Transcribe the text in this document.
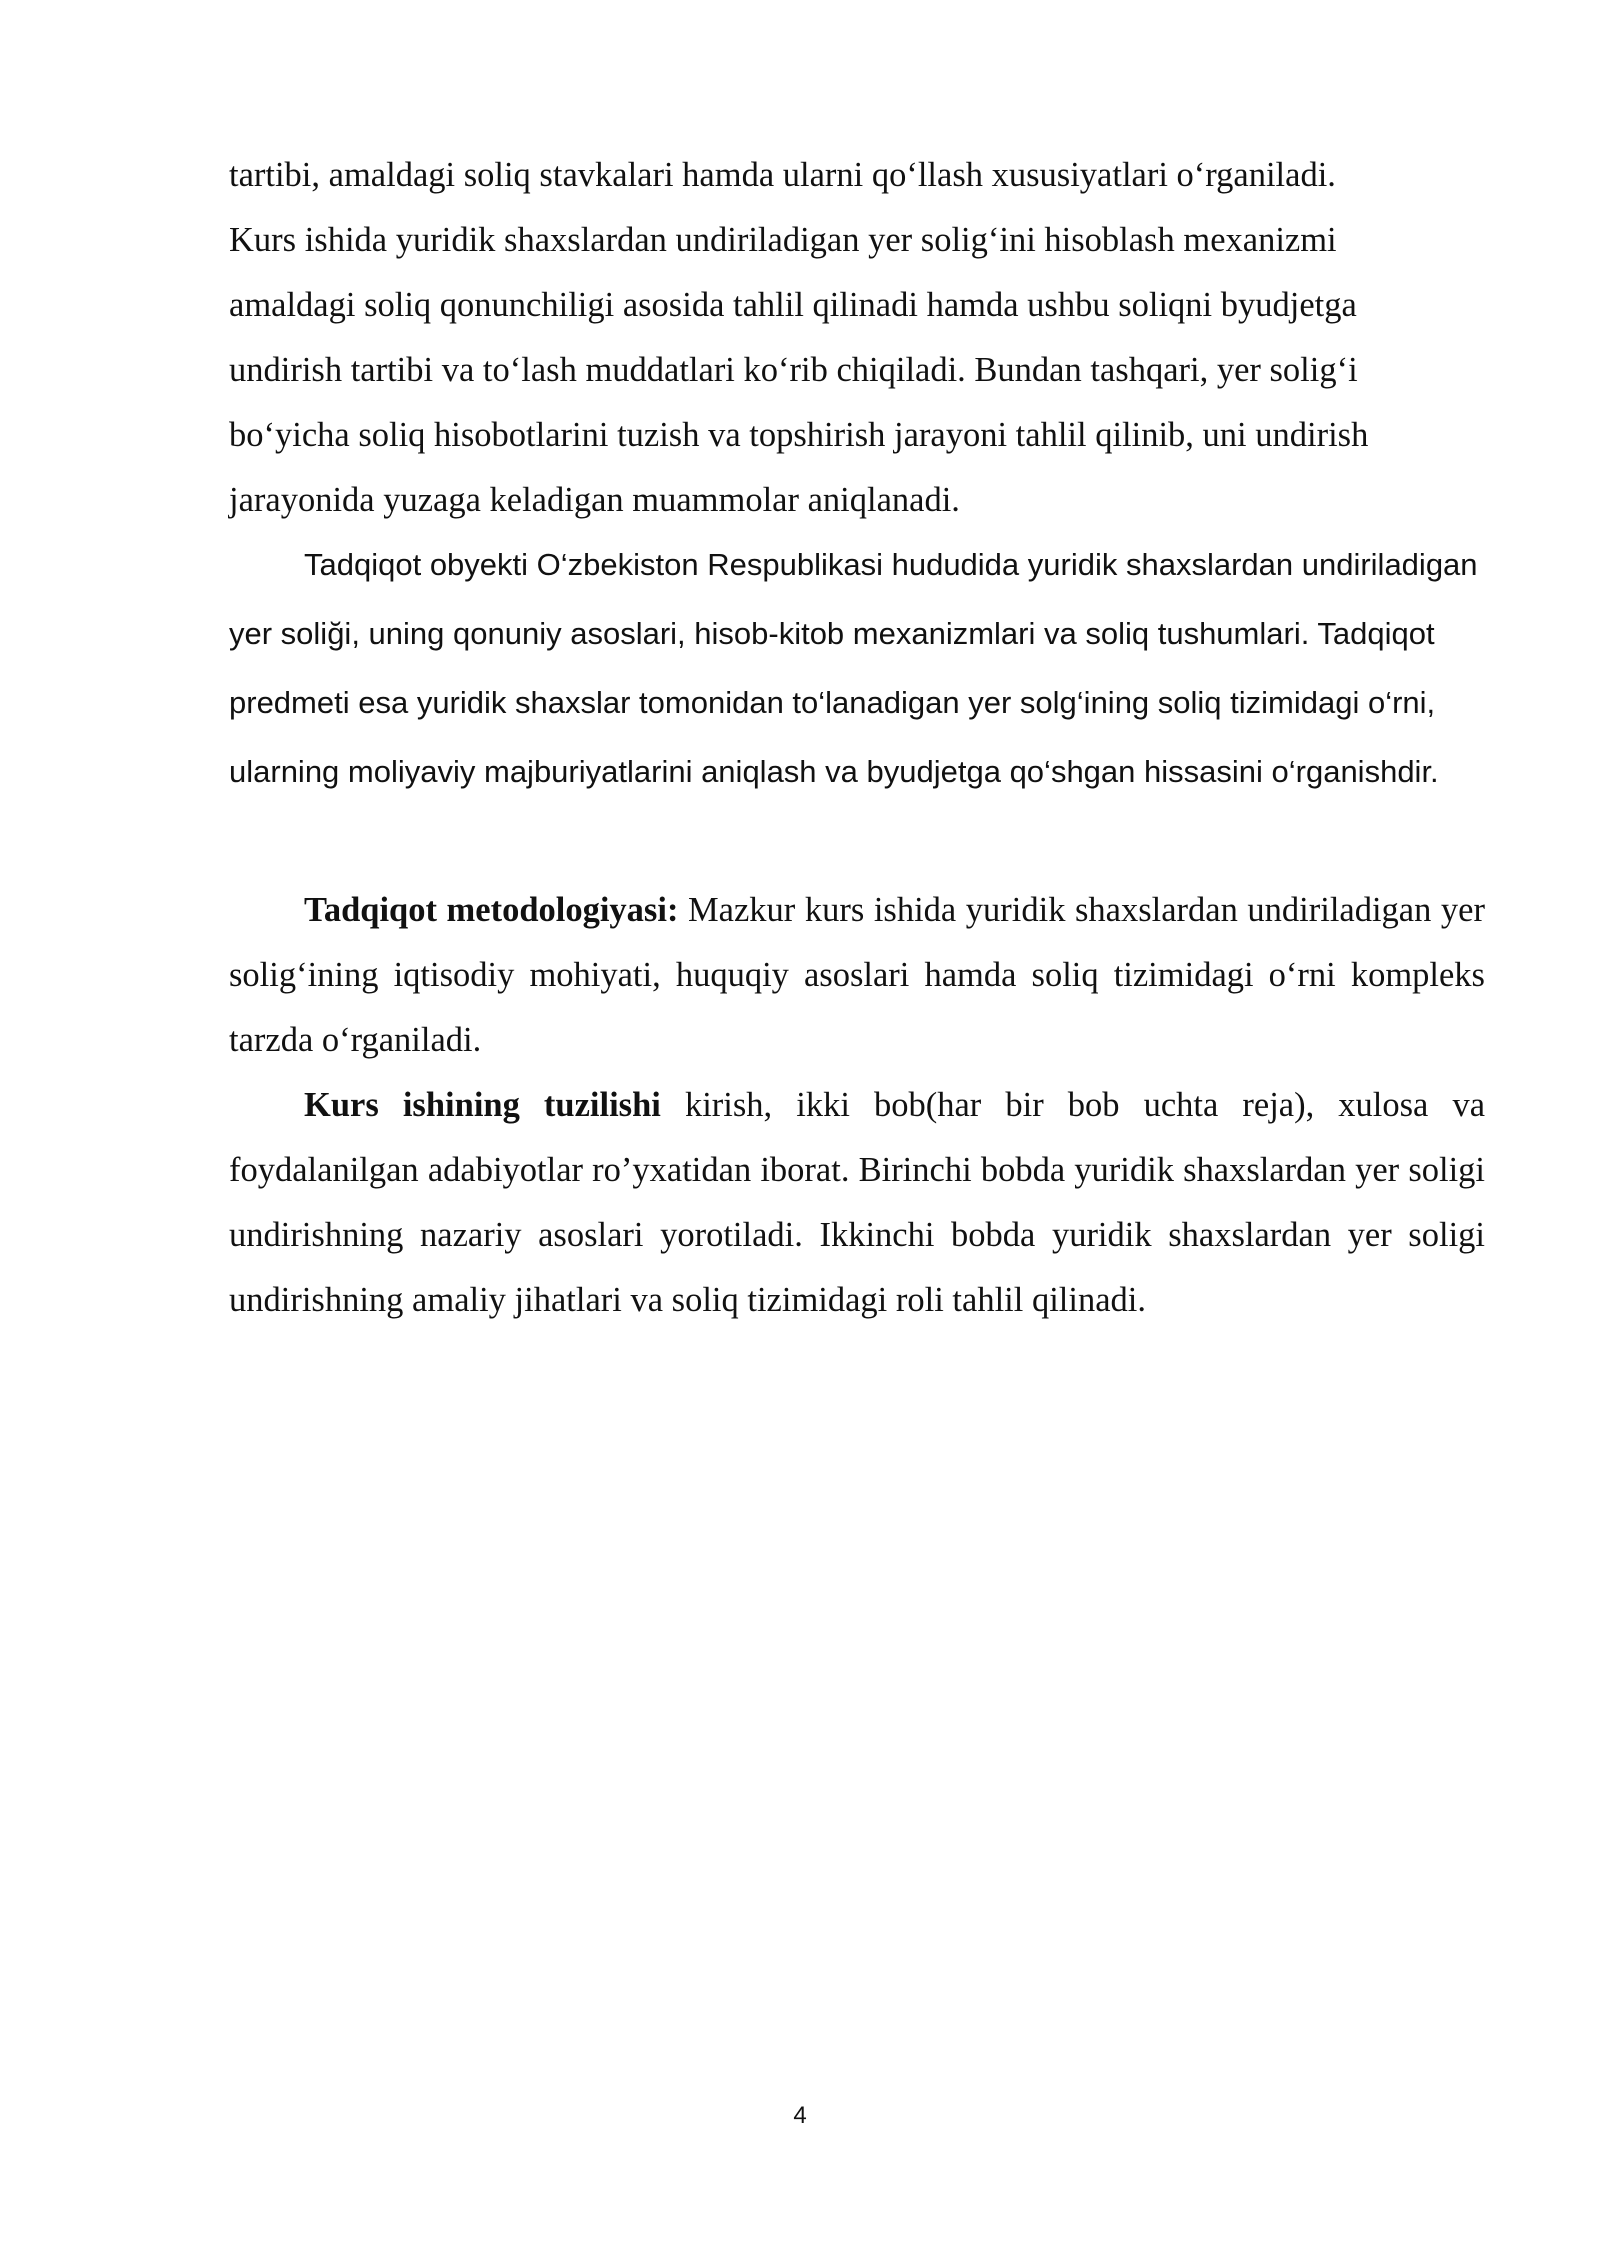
tartibi, amaldagi soliq stavkalari hamda ularni qo‘llash xususiyatlari o‘rganiladi.
Kurs ishida yuridik shaxslardan undiriladigan yer solig‘ini hisoblash mexanizmi
amaldagi soliq qonunchiligi asosida tahlil qilinadi hamda ushbu soliqni byudjetga
undirish tartibi va to‘lash muddatlari ko‘rib chiqiladi. Bundan tashqari, yer solig‘i
bo‘yicha soliq hisobotlarini tuzish va topshirish jarayoni tahlil qilinib, uni undirish
jarayonida yuzaga keladigan muammolar aniqlanadi.

Tadqiqot obyekti O‘zbekiston Respublikasi hududida yuridik shaxslardan undiriladigan yer soliği, uning qonuniy asoslari, hisob-kitob mexanizmlari va soliq tushumlari. Tadqiqot predmeti esa yuridik shaxslar tomonidan to‘lanadigan yer solg‘ining soliq tizimidagi o‘rni, ularning moliyaviy majburiyatlarini aniqlash va byudjetga qo‘shgan hissasini o‘rganishdir.

Tadqiqot metodologiyasi: Mazkur kurs ishida yuridik shaxslardan undiriladigan yer solig‘ining iqtisodiy mohiyati, huquqiy asoslari hamda soliq tizimidagi o‘rni kompleks tarzda o‘rganiladi.

Kurs ishining tuzilishi kirish, ikki bob(har bir bob uchta reja), xulosa va foydalanilgan adabiyotlar ro’yxatidan iborat. Birinchi bobda yuridik shaxslardan yer soligi undirishning nazariy asoslari yorotiladi. Ikkinchi bobda yuridik shaxslardan yer soligi undirishning amaliy jihatlari va soliq tizimidagi roli tahlil qilinadi.

4
